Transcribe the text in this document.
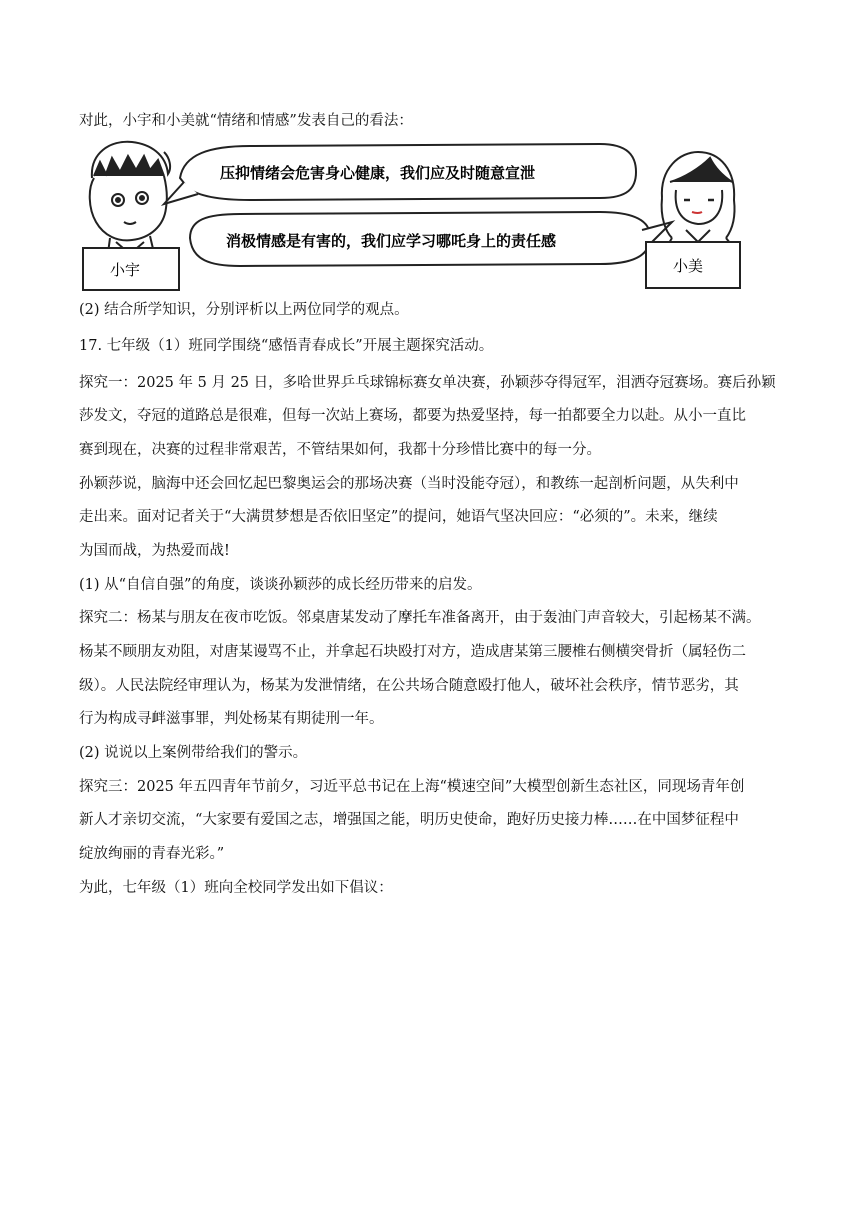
对此，小宇和小美就“情绪和情感”发表自己的看法：
小宇
压抑情绪会危害身心健康，我们应及时随意宣泄
消极情感是有害的，我们应学习哪吒身上的责任感
小美
(2) 结合所学知识，分别评析以上两位同学的观点。
17. 七年级（1）班同学围绕“感悟青春成长”开展主题探究活动。
探究一：2025 年 5 月 25 日，多哈世界乒乓球锦标赛女单决赛，孙颖莎夺得冠军，泪洒夺冠赛场。赛后孙颖
莎发文，夺冠的道路总是很难，但每一次站上赛场，都要为热爱坚持，每一拍都要全力以赴。从小一直比
赛到现在，决赛的过程非常艰苦，不管结果如何，我都十分珍惜比赛中的每一分。
孙颖莎说，脑海中还会回忆起巴黎奥运会的那场决赛（当时没能夺冠），和教练一起剖析问题，从失利中
走出来。面对记者关于“大满贯梦想是否依旧坚定”的提问，她语气坚决回应：“必须的”。未来，继续
为国而战，为热爱而战!
(1) 从“自信自强”的角度，谈谈孙颖莎的成长经历带来的启发。
探究二：杨某与朋友在夜市吃饭。邻桌唐某发动了摩托车准备离开，由于轰油门声音较大，引起杨某不满。
杨某不顾朋友劝阻，对唐某谩骂不止，并拿起石块殴打对方，造成唐某第三腰椎右侧横突骨折（属轻伤二
级）。人民法院经审理认为，杨某为发泄情绪，在公共场合随意殴打他人，破坏社会秩序，情节恶劣，其
行为构成寻衅滋事罪，判处杨某有期徒刑一年。
(2) 说说以上案例带给我们的警示。
探究三：2025 年五四青年节前夕，习近平总书记在上海“模速空间”大模型创新生态社区，同现场青年创
新人才亲切交流，“大家要有爱国之志，增强国之能，明历史使命，跑好历史接力棒……在中国梦征程中
绽放绚丽的青春光彩。”
为此，七年级（1）班向全校同学发出如下倡议：
